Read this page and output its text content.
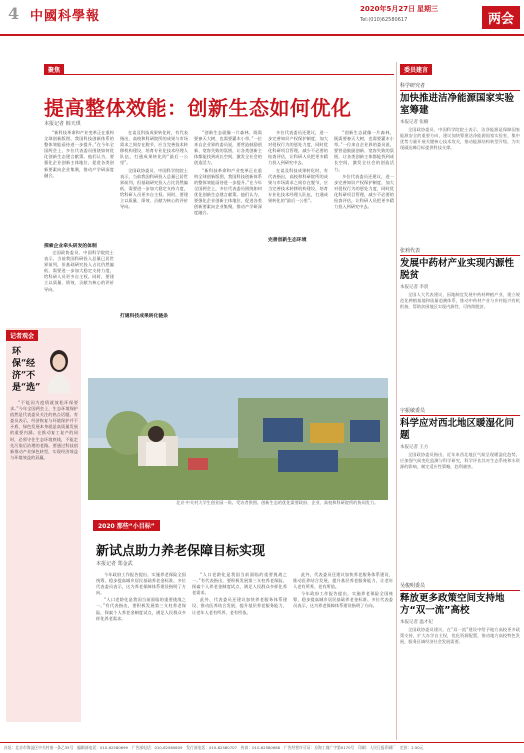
4 中國科學報	2020年5月27日 星期三
Tel:(010)62580617	两会
聚焦	委员建言
提高整体效能：创新生态如何优化
本报记者 韩天琪

“新科技革命和产业变革正在重构全球创新版图，我国科技创新体系的整体效能亟待进一步提升。”在今年全国两会上，多位代表委员围绕如何优化创新生态建言献策。他们认为，要强化企业创新主体地位，促进各类创新要素向企业集聚，推动产学研深度融合。

探索企业牵头研发的体制

全国政协委员、中国科学院院士表示，当前我国科研投入总量已居世界前列，但基础研究投入占比仍然偏低，需要进一步加大稳定支持力度，给科研人员更多自主权。同时，要建立以质量、绩效、贡献为核心的评价导向。

在谈及科技成果转化时，有代表指出，高校和科研院所的成果与市场需求之间存在脱节，应当完善技术转移机构建设，培育专业化技术经理人队伍，打通成果转化的“最后一公里”。

全国政协委员、中国科学院院士表示，当前我国科研投入总量已居世界前列，但基础研究投入占比仍然偏低，需要进一步加大稳定支持力度，给科研人员更多自主权。同时，要建立以质量、绩效、贡献为核心的评价导向。

打通科技成果转化链条

“创新生态就像一片森林，既需要参天大树，也需要灌木小草。”一位来自企业界的委员说，要营造鼓励创新、宽容失败的氛围，让各类创新主体都能找到成长空间，激发全社会的创造活力。

“新科技革命和产业变革正在重构全球创新版图，我国科技创新体系的整体效能亟待进一步提升。”在今年全国两会上，多位代表委员围绕如何优化创新生态建言献策。他们认为，要强化企业创新主体地位，促进各类创新要素向企业集聚，推动产学研深度融合。

多位代表委员还建议，进一步完善知识产权保护制度，加大对侵权行为的惩处力度，同时优化科研项目管理，减少不必要的检查评估，让科研人员把更多精力投入到研究中去。

在谈及科技成果转化时，有代表指出，高校和科研院所的成果与市场需求之间存在脱节，应当完善技术转移机构建设，培育专业化技术经理人队伍，打通成果转化的“最后一公里”。

完善创新生态环境

“创新生态就像一片森林，既需要参天大树，也需要灌木小草。”一位来自企业界的委员说，要营造鼓励创新、宽容失败的氛围，让各类创新主体都能找到成长空间，激发全社会的创造活力。

多位代表委员还建议，进一步完善知识产权保护制度，加大对侵权行为的惩处力度，同时优化科研项目管理，减少不必要的检查评估，让科研人员把更多精力投入到研究中去。

北京·中关村大学生创业园一角。受访者供图。创新生态的优化需要政府、企业、高校和科研院所的协同发力。
记者观会
环保“经济”不是“选”

“不能因为疫情就放松环保要求。”今年全国两会上，生态环境保护依然是代表委员关注的热点话题。有委员表示，经济恢复与环境保护并不矛盾，绿色发展本身就是高质量发展的重要内涵。在推动复工复产的同时，必须守住生态环境底线，不能走先污染后治理的老路。要通过科技创新推动产业绿色转型，实现经济效益与环境效益的双赢。

2020 那些“小目标”
新试点助力养老保障目标实现
本报记者 郑金武

今年政府工作报告提出，实施养老保险全国统筹，稳步提高城乡居民基础养老金标准。多位代表委员表示，这为养老保障体系建设指明了方向。

“人口老龄化是我国当前面临的重要挑战之一。”有代表指出，要积极发展第三支柱养老保险，探索个人养老金制度试点，满足人民群众多样化养老需求。

“人口老龄化是我国当前面临的重要挑战之一。”有代表指出，要积极发展第三支柱养老保险，探索个人养老金制度试点，满足人民群众多样化养老需求。

此外，代表委员还建议加快养老服务体系建设，推动医养结合发展，提升基层养老服务能力，让老年人老有所养、老有所依。

此外，代表委员还建议加快养老服务体系建设，推动医养结合发展，提升基层养老服务能力，让老年人老有所养、老有所依。

今年政府工作报告提出，实施养老保险全国统筹，稳步提高城乡居民基础养老金标准。多位代表委员表示，这为养老保障体系建设指明了方向。

科学研究者
加快推进洁净能源国家实验室筹建
本报记者 张楠

全国政协委员、中国科学院院士表示，洁净能源是保障国家能源安全的重要方向，建议加快筹建洁净能源国家实验室，集中优势力量开展关键核心技术攻关，推动能源结构转型升级，为实现碳达峰目标提供科技支撑。

张莉代表
发展中药材产业实现内源性脱贫
本报记者 李晨

全国人大代表建议，因地制宜发展中药材种植产业，建立规范化种植基地和质量追溯体系，推动中药材产业与乡村振兴有机衔接，帮助贫困地区实现内源性、可持续脱贫。

宇振敏委员
科学应对西北地区暖湿化问题
本报记者 王方

全国政协委员指出，近年来西北地区气候呈现暖湿化趋势，应加强气候变化监测与科学研究，科学评估其对生态系统和水资源的影响，制定适应性策略，趋利避害。

吴俊明委员
释放更多政策空间支持地方“双一流”高校
本报记者 温才妃

全国政协委员建议，在“双一流”建设中给予地方高校更多政策支持，扩大办学自主权，优化资源配置，推动地方高校特色发展，服务区域经济社会发展需要。

社址：北京市海淀区中关村南一条乙35号　编辑部电话：010-62580699　广告部电话：010-62580609　发行部电话：010-62580707　传真：010-62580688　广告经营许可证：京海工商广字第0170号　印刷：人民日报印刷厂　定价：2.50元
